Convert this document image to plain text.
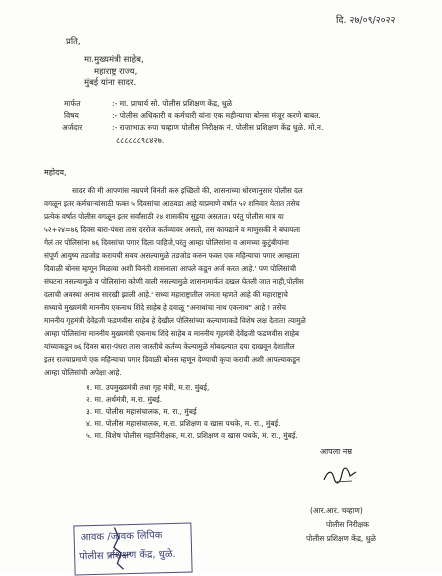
दि. २७/०९/२०२२
प्रति,
मा.मुख्यमंत्री साहेब,
महाराष्ट्र राज्य,
मुंबई यांना सादर.
मार्फत	:- मा. प्राचार्य सो. पोलीस प्रशिक्षण केंद्र, धुळे
विषय	:- पोलीस अधिकारी व कर्मचारी यांना एक महीन्याचा बोनस मंजूर करणे बाबत.
अर्जदार	:- राजाभाऊ रुपा चव्हाण पोलीस निरीक्षक नं. पोलीस प्रशिक्षण केंद्र धुळे. मो.न.
८८८८८८९८४२७.
महोदय,
सादर की मी आपणांस नम्रपणे विनंती करु इच्छितो की, शासनाच्या धोरणानुसार पोलीस दल
वगळून इतर कर्मचाऱ्यांसाठी फक्त ५ दिवसांचा आठवडा आहे याप्रमाणे वर्षात ५२ शनिवार येतात तसेच
प्रत्येक वर्षात पोलीस वगळून इतर सर्वांसाठी २४ शासकीय सुट्टया असतात। परंतु पोलीस मात्र या
५२+२४=७६ दिवस बारा-पंधरा तास दररोज कर्तव्यावर असतो, तस कायद्याने व माणुसकी ने बघायला
गेलं तर पोलिसांना ७६ दिवसांचा पगार दिला पाहिजे,परंतु आम्हा पोलिसांना व आमच्या कुटुंबीयांना
संपूर्ण आयुष्य तडजोड करायची सवय असल्यामुळे तडजोड करुन फक्त एक महिन्याचा पगार आम्हाला
दिवाळी बोनस म्हणून मिळावा अशी विनंती शासनाला आपले कडून अर्ज करत आहे.' पण पोलिसांची
संघटना नसल्यामुळे व पोलिसांना कोणी वाली नसल्यामुळे शासनामार्फत दखल घेतली जात नाही,पोलीस
दलाची अवस्था अनाथ सारखी झाली आहे.' सध्या महाराष्ट्रातील जनता म्हणते आहे की महाराष्ट्राचे
सध्याचे मुख्यमंत्री माननीय एकनाथ शिंदे साहेब हे दयाळू "अनाथांचा नाथ एकनाथ" आहे ! तसेच
माननीय गृहमंत्री देवेंद्रजी फडणवीस साहेब हे देखील पोलिसांच्या कल्याणाकडे विशेष लक्ष देतात! त्यामुळे
आम्हा पोलिसांना माननीय मुख्यमंत्री एकनाथ शिंदे साहेब व माननीय गृहमंत्री देवेंद्रजी फडणवीस साहेब
यांच्याकडून ७६ दिवस बारा-पंधरा तास जास्तीचे कर्तव्य केल्यामुळे मोबदल्यात दया दाखवून देशातील
इतर राज्याप्रमाणे एक महिन्याचा पगार दिवाळी बोनस म्हणून देण्याची कृपा करावी अशी आपल्याकडून
आम्हा पोलिसांची अपेक्षा आहे.
१. मा. उपमुख्यमंत्री तथा गृह मंत्री, म.रा. मुंबई,
२. मा. अर्थमंत्री, म.रा. मुंबई.
३. मा. पोलीस महासंचालक, म. रा., मुंबई
४. मा. पोलीस महासंचालक, म.रा. प्रशिक्षण व खास पथके, म. रा., मुंबई.
५. मा. विशेष पोलीस महानिरीक्षक, म.रा. प्रशिक्षण व खास पथके, म. रा., मुंबई.
आपला नम्र
(आर.आर. चव्हाण)
पोलीस निरीक्षक
पोलीस प्रशिक्षण केंद्र, धुळे
आवक /जावक लिपिक
पोलीस प्रशिक्षण केंद्र, धुळे.
